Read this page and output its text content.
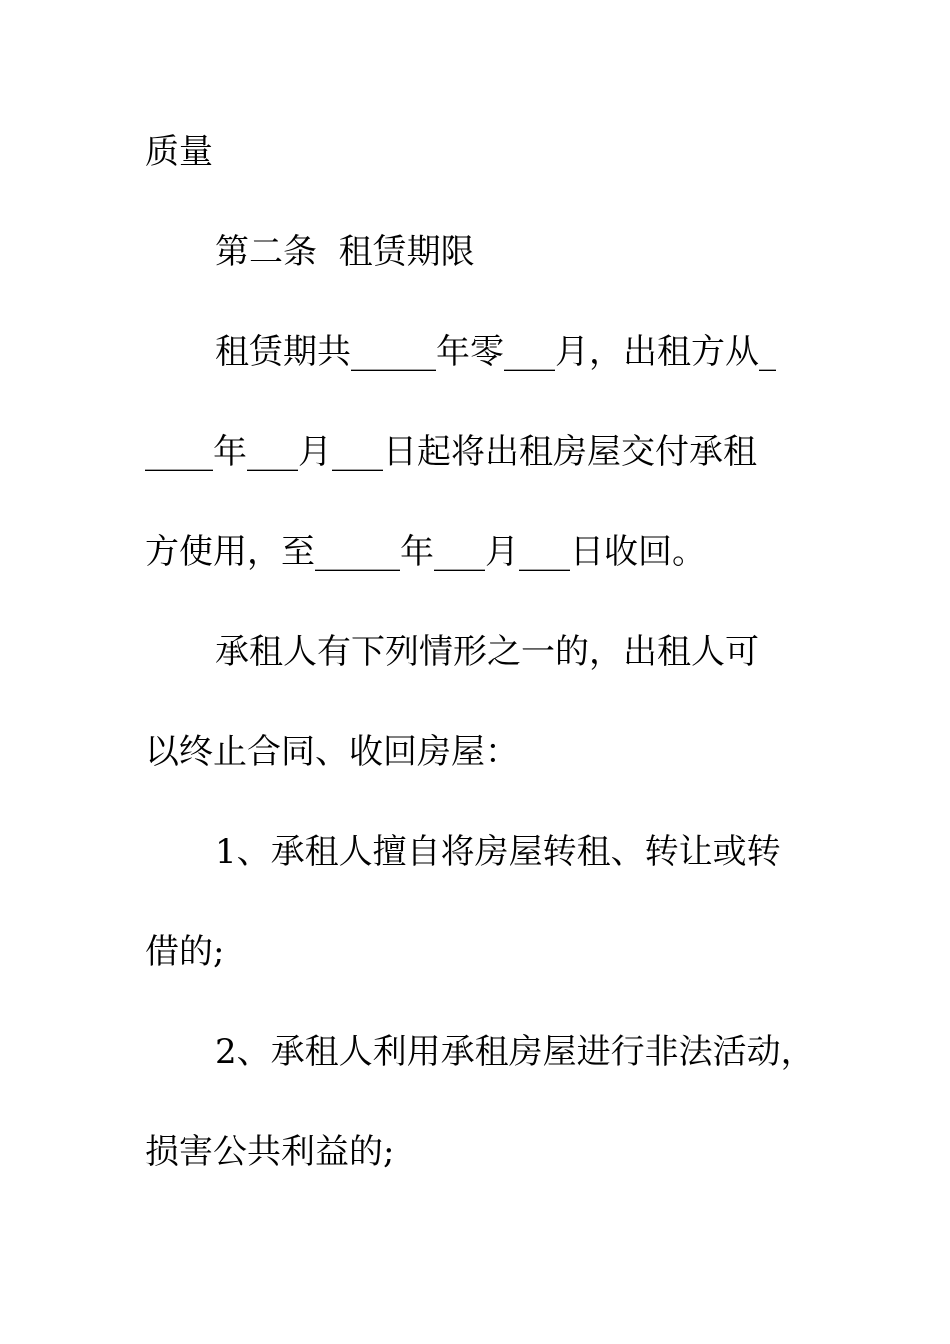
质量
第二条  租赁期限
租赁期共_____年零___月，出租方从_
____年___月___日起将出租房屋交付承租
方使用，至_____年___月___日收回。
承租人有下列情形之一的，出租人可
以终止合同、收回房屋：
1、承租人擅自将房屋转租、转让或转
借的;
2、承租人利用承租房屋进行非法活动，
损害公共利益的;
